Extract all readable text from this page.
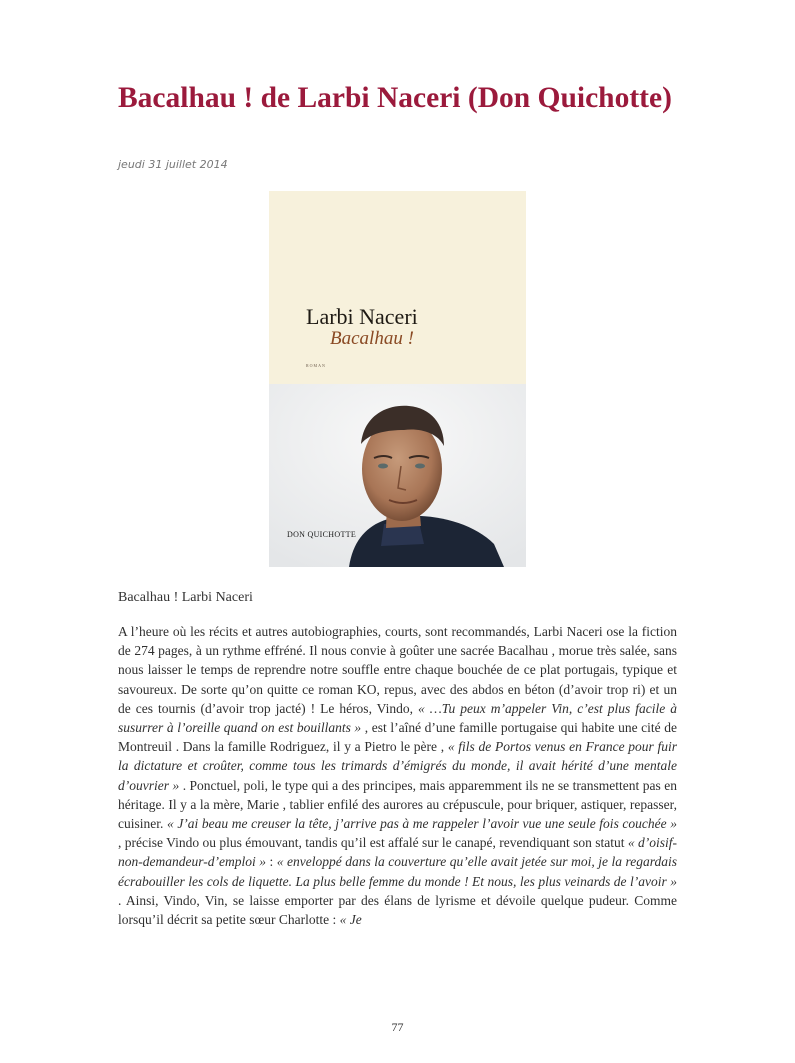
Bacalhau ! de Larbi Naceri (Don Quichotte)
jeudi 31 juillet 2014
Larbi Naceri
Bacalhau !
ROMAN
DON QUICHOTTE
Bacalhau ! Larbi Naceri

A l’heure où les récits et autres autobiographies, courts, sont recommandés, Larbi Naceri ose la fiction de 274 pages, à un rythme effréné. Il nous convie à goûter une sacrée Bacalhau , morue très salée, sans nous laisser le temps de reprendre notre souffle entre chaque bouchée de ce plat portugais, typique et savoureux. De sorte qu’on quitte ce roman KO, repus, avec des abdos en béton (d’avoir trop ri) et un de ces tournis (d’avoir trop jacté) ! Le héros, Vindo, « …Tu peux m’appeler Vin, c’est plus facile à susurrer à l’oreille quand on est bouillants » , est l’aîné d’une famille portugaise qui habite une cité de Montreuil . Dans la famille Rodriguez, il y a Pietro le père , « fils de Portos venus en France pour fuir la dictature et croûter, comme tous les trimards d’émigrés du monde, il avait hérité d’une mentale d’ouvrier » . Ponctuel, poli, le type qui a des principes, mais apparemment ils ne se transmettent pas en héritage. Il y a la mère, Marie , tablier enfilé des aurores au crépuscule, pour briquer, astiquer, repasser, cuisiner. « J’ai beau me creuser la tête, j’arrive pas à me rappeler l’avoir vue une seule fois couchée » , précise Vindo ou plus émouvant, tandis qu’il est affalé sur le canapé, revendiquant son statut « d’oisif-non-demandeur-d’emploi » : « enveloppé dans la couverture qu’elle avait jetée sur moi, je la regardais écrabouiller les cols de liquette. La plus belle femme du monde ! Et nous, les plus veinards de l’avoir » . Ainsi, Vindo, Vin, se laisse emporter par des élans de lyrisme et dévoile quelque pudeur. Comme lorsqu’il décrit sa petite sœur Charlotte : « Je

77
